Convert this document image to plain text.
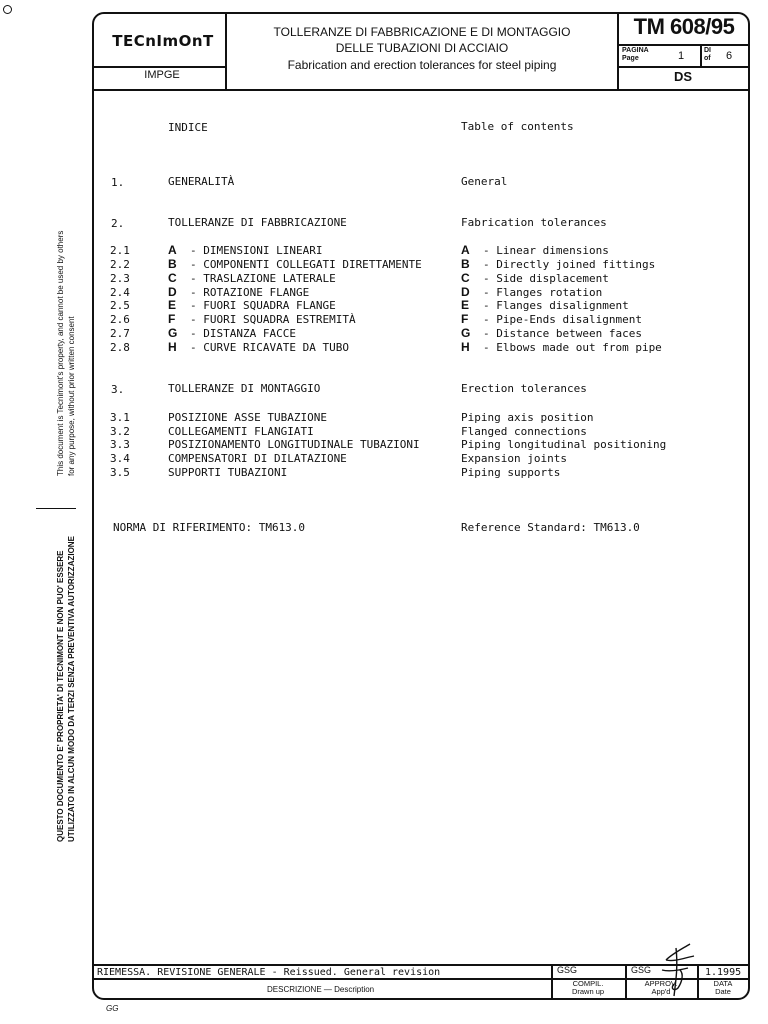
This document is Tecnimont's property, and cannot be used by others for any purpose, without prior written consent
QUESTO DOCUMENTO E' PROPRIETA' DI TECNIMONT E NON PUO' ESSERE UTILIZZATO IN ALCUN MODO DA TERZI SENZA PREVENTIVA AUTORIZZAZIONE
TECnImOnT
IMPGE
TOLLERANZE DI FABBRICAZIONE E DI MONTAGGIO
DELLE TUBAZIONI DI ACCIAIO
Fabrication and erection tolerances for steel piping
TM 608/95
PAGINA
Page	1	DI
of 6
DS
INDICE	Table of contents
1.	GENERALITÀ	General
2.	TOLLERANZE DI FABBRICAZIONE	Fabrication tolerances
2.1	A - DIMENSIONI LINEARI	A - Linear dimensions
2.2	B - COMPONENTI COLLEGATI DIRETTAMENTE	B - Directly joined fittings
2.3	C - TRASLAZIONE LATERALE	C - Side displacement
2.4	D - ROTAZIONE FLANGE	D - Flanges rotation
2.5	E - FUORI SQUADRA FLANGE	E - Flanges disalignment
2.6	F - FUORI SQUADRA ESTREMITÀ	F - Pipe-Ends disalignment
2.7	G - DISTANZA FACCE	G - Distance between faces
2.8	H - CURVE RICAVATE DA TUBO	H - Elbows made out from pipe
3.	TOLLERANZE DI MONTAGGIO	Erection tolerances
3.1	POSIZIONE ASSE TUBAZIONE	Piping axis position
3.2	COLLEGAMENTI FLANGIATI	Flanged connections
3.3	POSIZIONAMENTO LONGITUDINALE TUBAZIONI	Piping longitudinal positioning
3.4	COMPENSATORI DI DILATAZIONE	Expansion joints
3.5	SUPPORTI TUBAZIONI	Piping supports
NORMA DI RIFERIMENTO: TM613.0	Reference Standard: TM613.0
RIEMESSA. REVISIONE GENERALE - Reissued. General revision	GSG	GSG	1.1995
DESCRIZIONE — Description
COMPIL.
Drawn up
APPROV.
App'd
DATA
Date
GG
